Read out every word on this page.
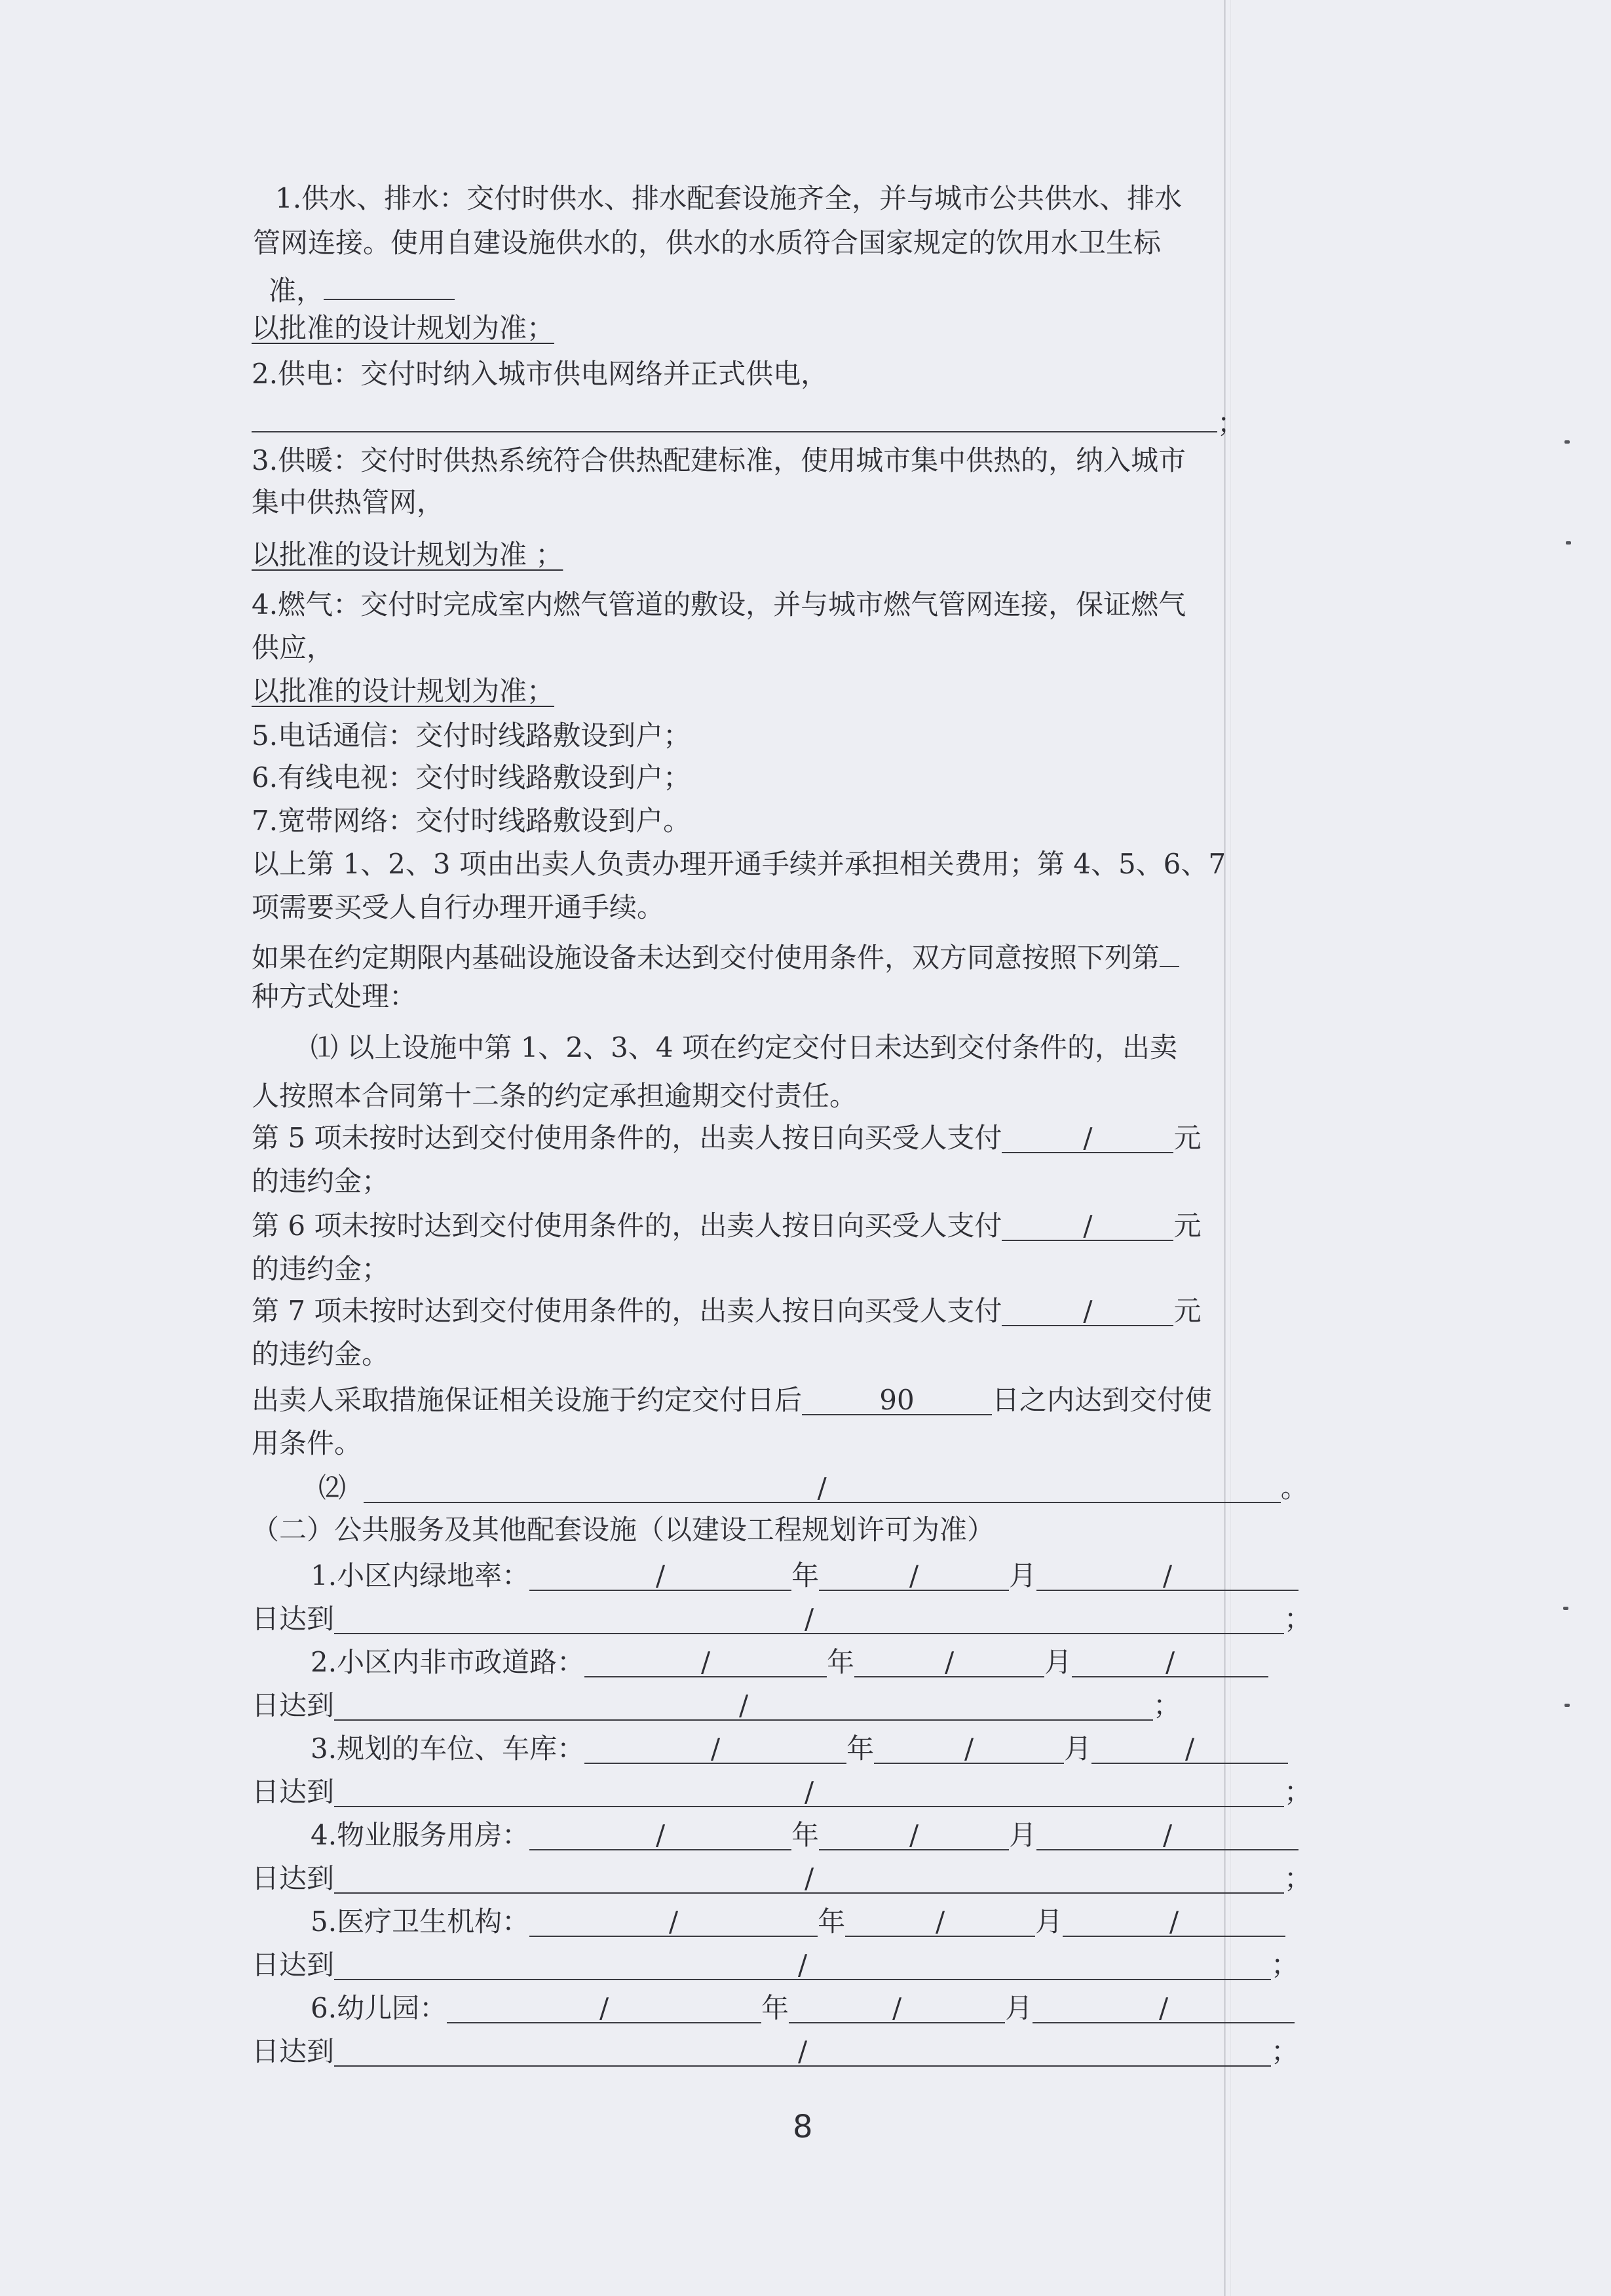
1.供水、排水：交付时供水、排水配套设施齐全，并与城市公共供水、排水
管网连接。使用自建设施供水的，供水的水质符合国家规定的饮用水卫生标
准，
以批准的设计规划为准；
2.供电：交付时纳入城市供电网络并正式供电，
；
3.供暖：交付时供热系统符合供热配建标准，使用城市集中供热的，纳入城市
集中供热管网，
以批准的设计规划为准 ；
4.燃气：交付时完成室内燃气管道的敷设，并与城市燃气管网连接，保证燃气
供应，
以批准的设计规划为准；
5.电话通信：交付时线路敷设到户；
6.有线电视：交付时线路敷设到户；
7.宽带网络：交付时线路敷设到户。
以上第 1、2、3 项由出卖人负责办理开通手续并承担相关费用；第 4、5、6、7
项需要买受人自行办理开通手续。
如果在约定期限内基础设施设备未达到交付使用条件，双方同意按照下列第
种方式处理：
⑴ 以上设施中第 1、2、3、4 项在约定交付日未达到交付条件的，出卖
人按照本合同第十二条的约定承担逾期交付责任。
第 5 项未按时达到交付使用条件的，出卖人按日向买受人支付	/	元
的违约金；
第 6 项未按时达到交付使用条件的，出卖人按日向买受人支付	/	元
的违约金；
第 7 项未按时达到交付使用条件的，出卖人按日向买受人支付	/	元
的违约金。
出卖人采取措施保证相关设施于约定交付日后	90	日之内达到交付使
用条件。
⑵	/	。
（二）公共服务及其他配套设施（以建设工程规划许可为准）
1.小区内绿地率：	/	年	/	月	/
日达到	/	；
2.小区内非市政道路：	/	年	/	月	/
日达到	/	；
3.规划的车位、车库：	/	年	/	月	/
日达到	/	；
4.物业服务用房：	/	年	/	月	/
日达到	/	；
5.医疗卫生机构：	/	年	/	月	/
日达到	/	；
6.幼儿园：	/	年	/	月	/
日达到	/	；
8
